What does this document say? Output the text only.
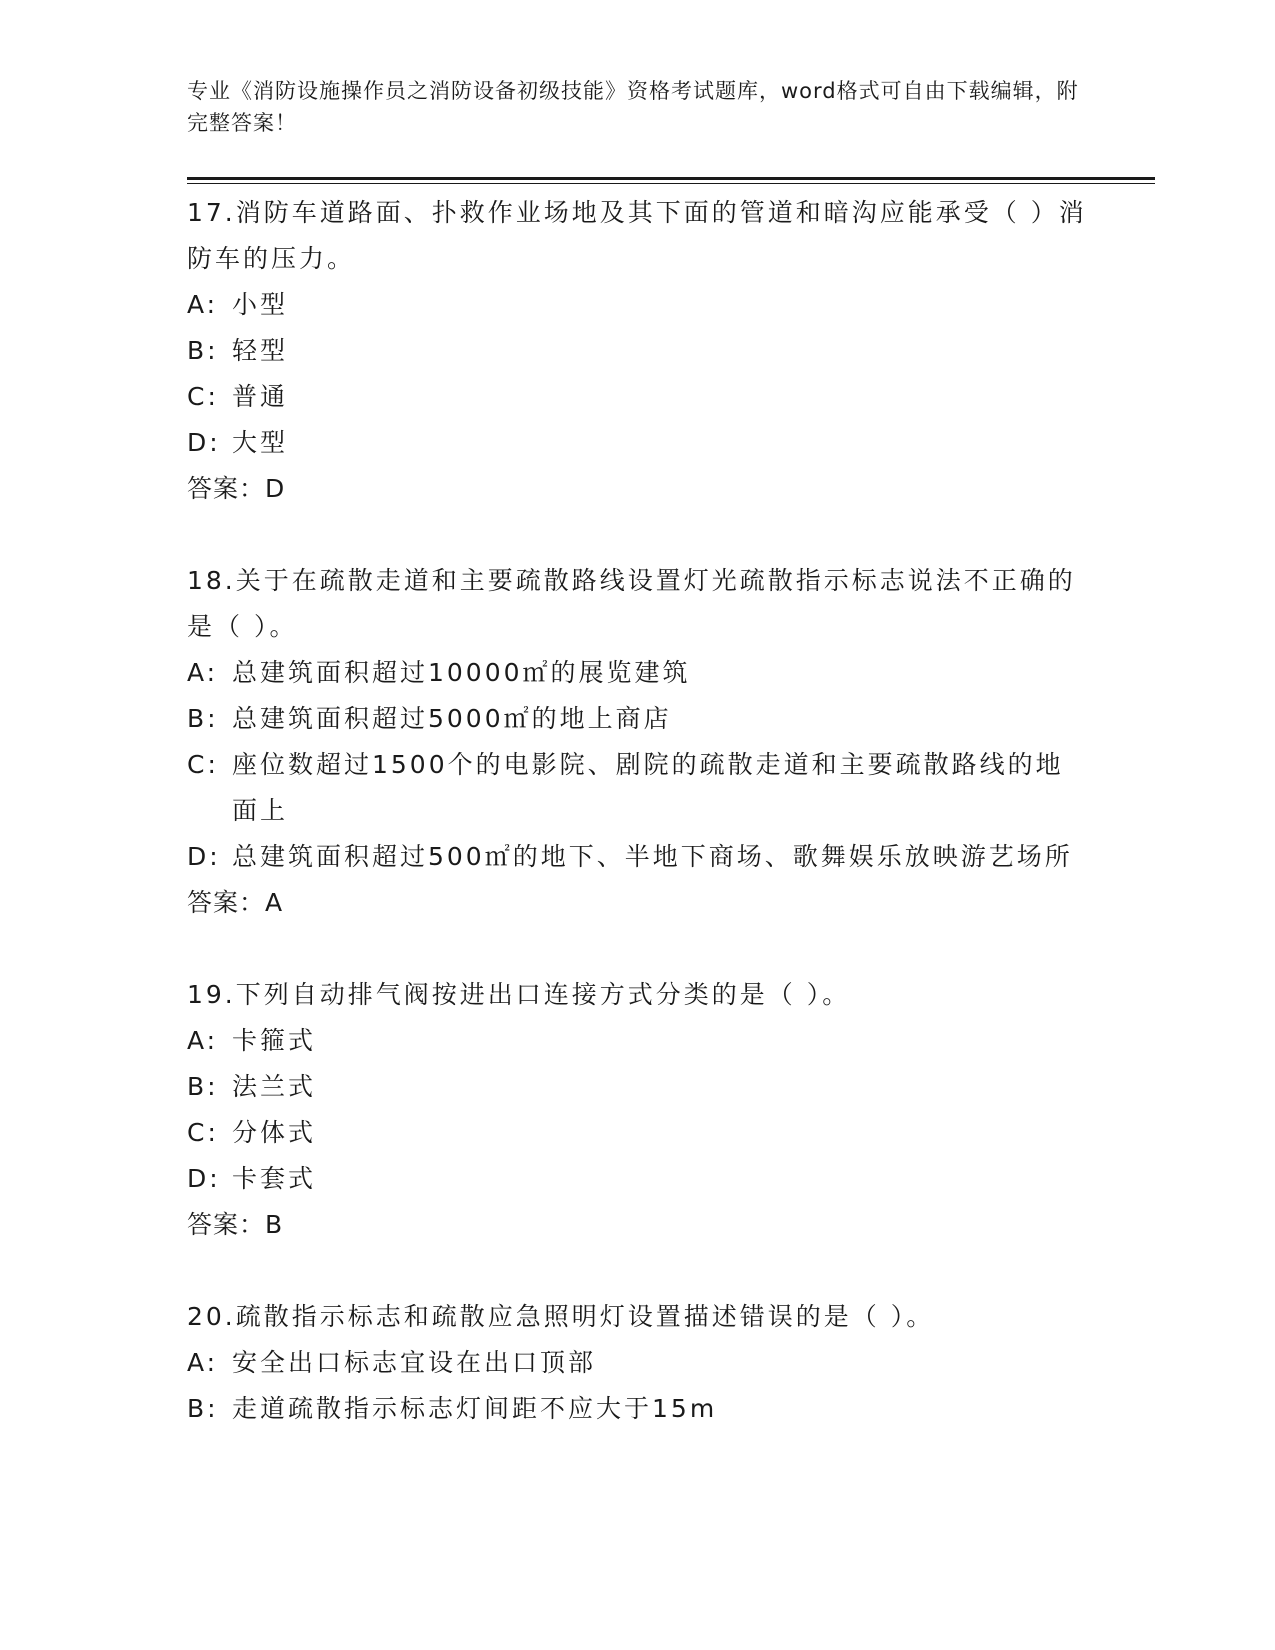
专业《消防设施操作员之消防设备初级技能》资格考试题库，word格式可自由下载编辑，附完整答案！

17.消防车道路面、扑救作业场地及其下面的管道和暗沟应能承受（ ）消防车的压力。

A: 小型
B: 轻型
C: 普通
D: 大型

答案：D

18.关于在疏散走道和主要疏散路线设置灯光疏散指示标志说法不正确的是（ ）。

A: 总建筑面积超过10000㎡的展览建筑
B: 总建筑面积超过5000㎡的地上商店
C: 座位数超过1500个的电影院、剧院的疏散走道和主要疏散路线的地面上
D: 总建筑面积超过500㎡的地下、半地下商场、歌舞娱乐放映游艺场所

答案：A

19.下列自动排气阀按进出口连接方式分类的是（ ）。

A: 卡箍式
B: 法兰式
C: 分体式
D: 卡套式

答案：B

20.疏散指示标志和疏散应急照明灯设置描述错误的是（ ）。

A: 安全出口标志宜设在出口顶部
B: 走道疏散指示标志灯间距不应大于15m
